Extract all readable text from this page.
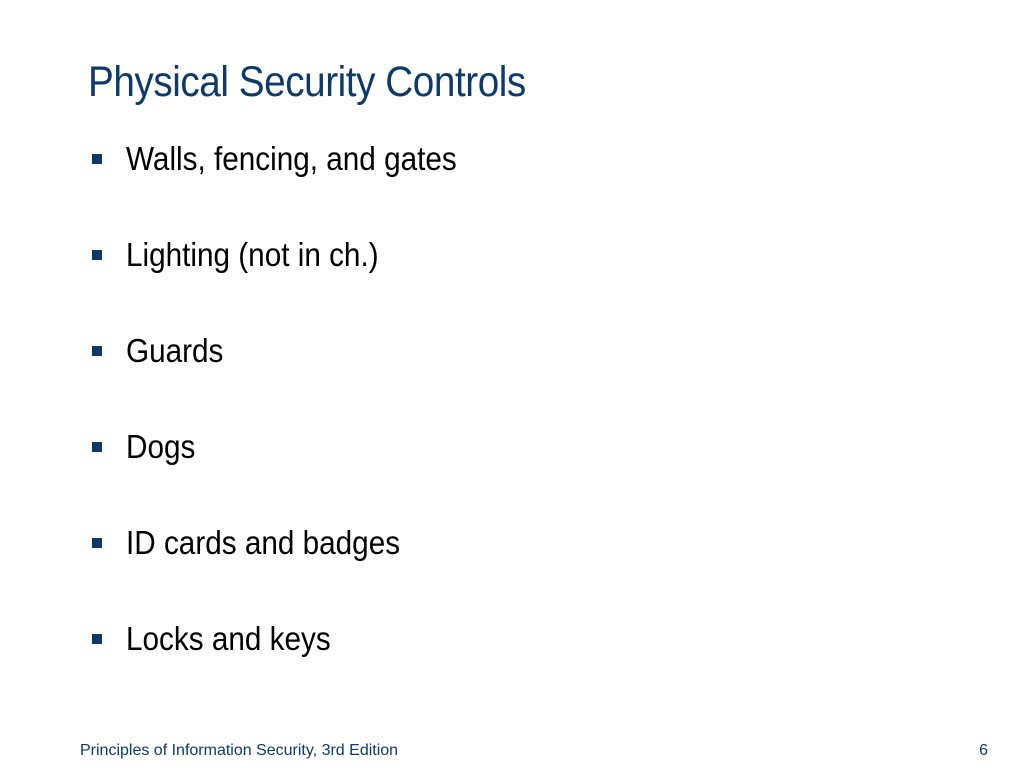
Physical Security Controls
Walls, fencing, and gates
Lighting (not in ch.)
Guards
Dogs
ID cards and badges
Locks and keys
Principles of Information Security, 3rd Edition	6
